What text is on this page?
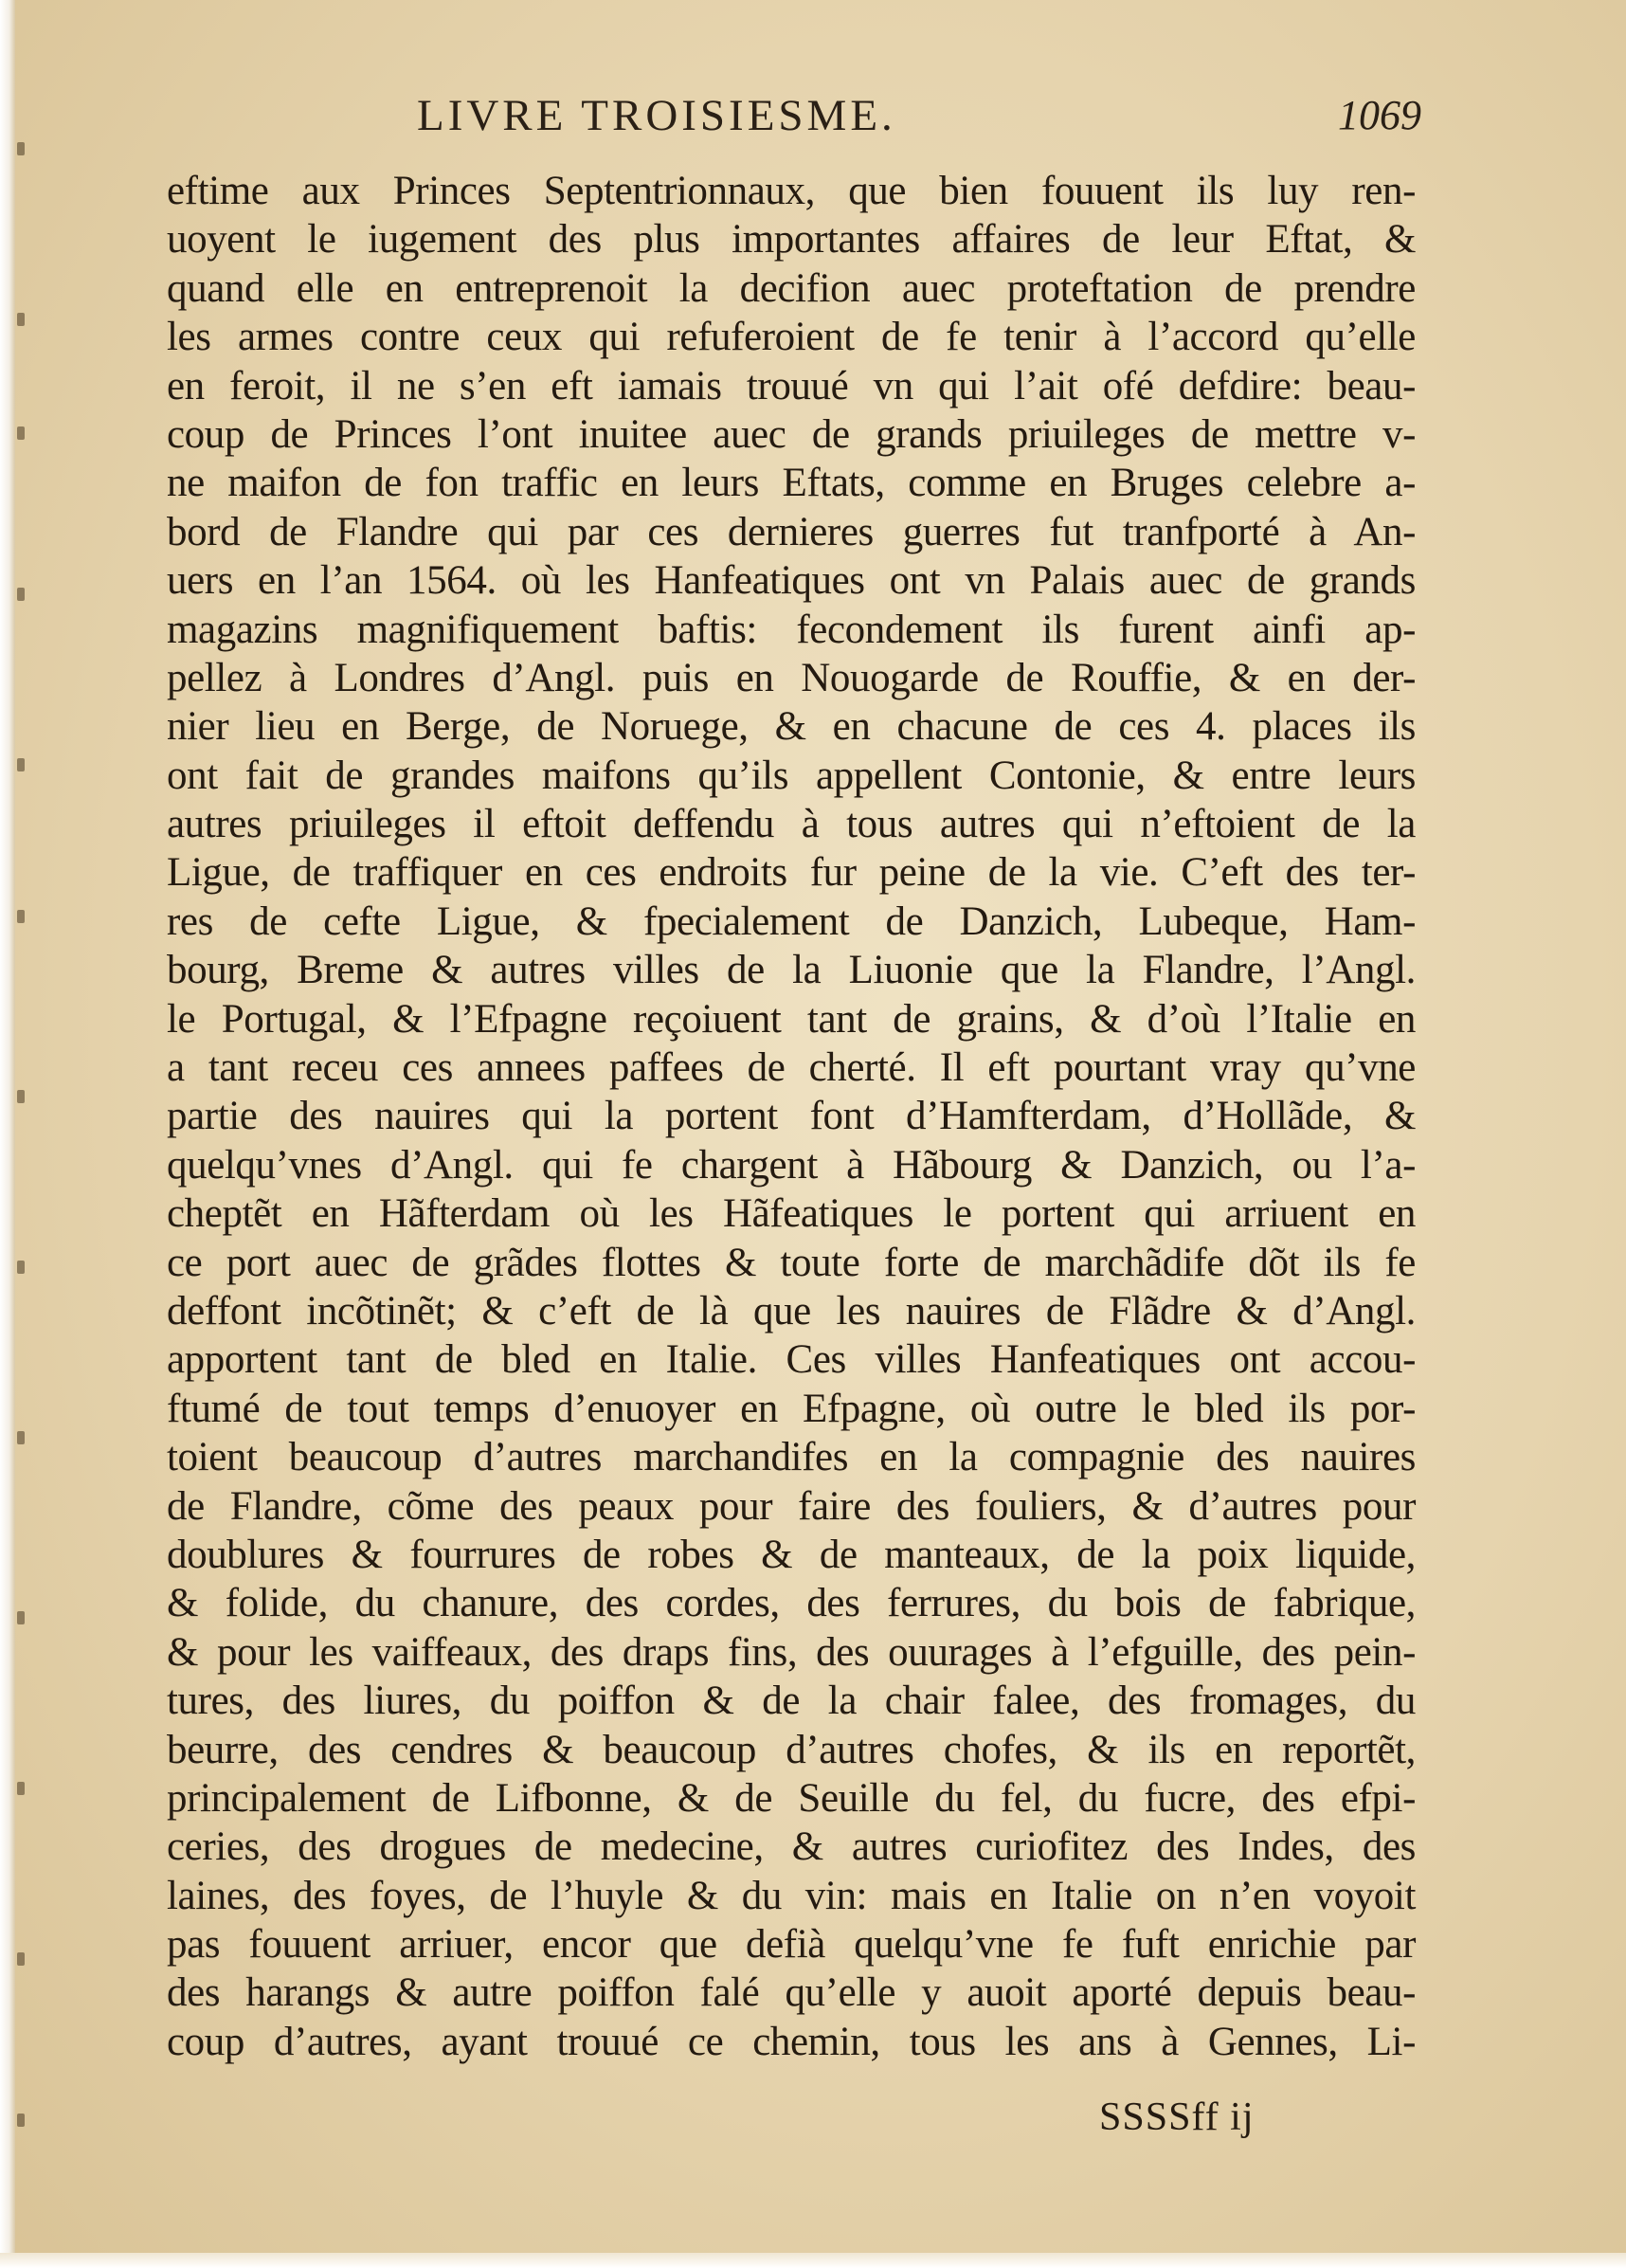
LIVRE TROISIESME.	1069
eftime aux Princes Septentrionnaux, que bien fouuent ils luy ren-
uoyent le iugement des plus importantes affaires de leur Eftat, &
quand elle en entreprenoit la decifion auec proteftation de prendre
les armes contre ceux qui refuferoient de fe tenir à l’accord qu’elle
en feroit, il ne s’en eft iamais trouué vn qui l’ait ofé defdire: beau-
coup de Princes l’ont inuitee auec de grands priuileges de mettre v-
ne maifon de fon traffic en leurs Eftats, comme en Bruges celebre a-
bord de Flandre qui par ces dernieres guerres fut tranfporté à An-
uers en l’an 1564. où les Hanfeatiques ont vn Palais auec de grands
magazins magnifiquement baftis: fecondement ils furent ainfi ap-
pellez à Londres d’Angl. puis en Nouogarde de Rouffie, & en der-
nier lieu en Berge, de Noruege, & en chacune de ces 4. places ils
ont fait de grandes maifons qu’ils appellent Contonie, & entre leurs
autres priuileges il eftoit deffendu à tous autres qui n’eftoient de la
Ligue, de traffiquer en ces endroits fur peine de la vie. C’eft des ter-
res de cefte Ligue, & fpecialement de Danzich, Lubeque, Ham-
bourg, Breme & autres villes de la Liuonie que la Flandre, l’Angl.
le Portugal, & l’Efpagne reçoiuent tant de grains, & d’où l’Italie en
a tant receu ces annees paffees de cherté. Il eft pourtant vray qu’vne
partie des nauires qui la portent font d’Hamfterdam, d’Hollãde, &
quelqu’vnes d’Angl. qui fe chargent à Hãbourg & Danzich, ou l’a-
cheptẽt en Hãfterdam où les Hãfeatiques le portent qui arriuent en
ce port auec de grãdes flottes & toute forte de marchãdife dõt ils fe
deffont incõtinẽt; & c’eft de là que les nauires de Flãdre & d’Angl.
apportent tant de bled en Italie. Ces villes Hanfeatiques ont accou-
ftumé de tout temps d’enuoyer en Efpagne, où outre le bled ils por-
toient beaucoup d’autres marchandifes en la compagnie des nauires
de Flandre, cõme des peaux pour faire des fouliers, & d’autres pour
doublures & fourrures de robes & de manteaux, de la poix liquide,
& folide, du chanure, des cordes, des ferrures, du bois de fabrique,
& pour les vaiffeaux, des draps fins, des ouurages à l’efguille, des pein-
tures, des liures, du poiffon & de la chair falee, des fromages, du
beurre, des cendres & beaucoup d’autres chofes, & ils en reportẽt,
principalement de Lifbonne, & de Seuille du fel, du fucre, des efpi-
ceries, des drogues de medecine, & autres curiofitez des Indes, des
laines, des foyes, de l’huyle & du vin: mais en Italie on n’en voyoit
pas fouuent arriuer, encor que defià quelqu’vne fe fuft enrichie par
des harangs & autre poiffon falé qu’elle y auoit aporté depuis beau-
coup d’autres, ayant trouué ce chemin, tous les ans à Gennes, Li-
SSSSff ij
